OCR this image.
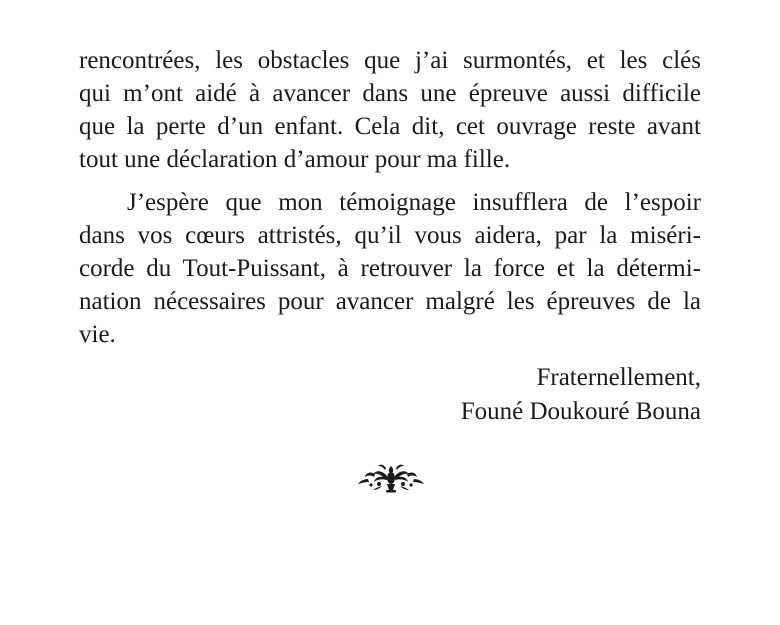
rencontrées, les obstacles que j’ai surmontés, et les clés
qui m’ont aidé à avancer dans une épreuve aussi difficile
que la perte d’un enfant. Cela dit, cet ouvrage reste avant
tout une déclaration d’amour pour ma fille.

J’espère que mon témoignage insufflera de l’espoir
dans vos cœurs attristés, qu’il vous aidera, par la miséri-
corde du Tout-Puissant, à retrouver la force et la détermi-
nation nécessaires pour avancer malgré les épreuves de la
vie.

Fraternellement,
Founé Doukouré Bouna
